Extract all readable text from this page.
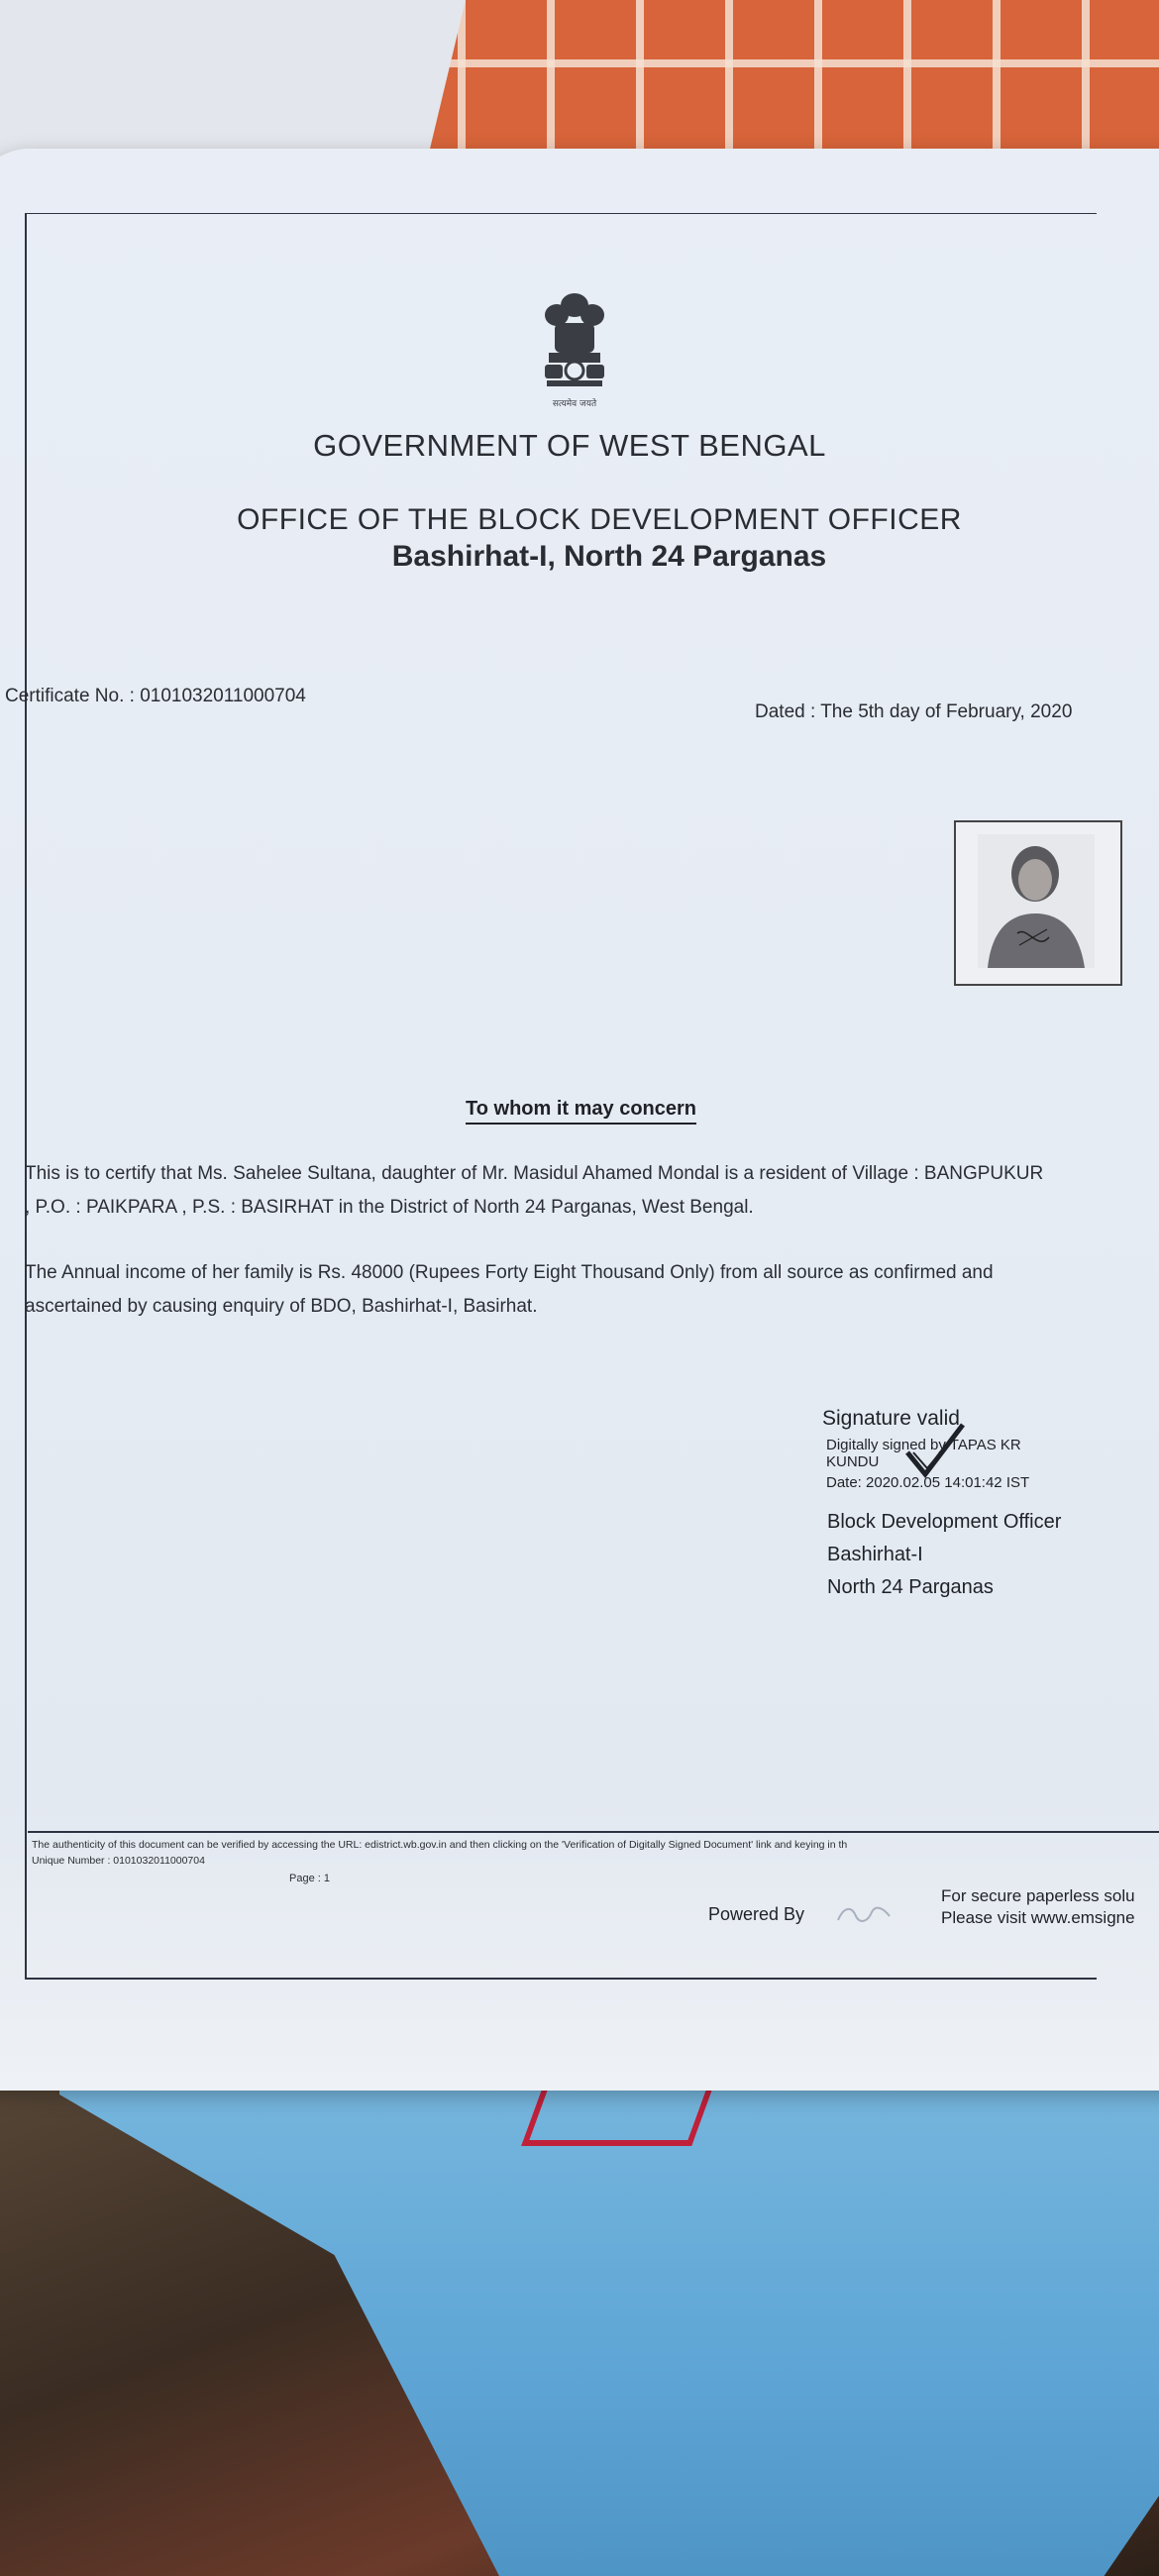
सत्यमेव जयते
GOVERNMENT OF WEST BENGAL
OFFICE OF THE BLOCK DEVELOPMENT OFFICER
Bashirhat-I, North 24 Parganas
Certificate No. : 0101032011000704
Dated : The 5th day of February, 2020
To whom it may concern
This is to certify that Ms. Sahelee Sultana, daughter of Mr. Masidul Ahamed Mondal is a resident of Village : BANGPUKUR
, P.O. : PAIKPARA , P.S. : BASIRHAT in the District of North 24 Parganas, West Bengal.
The Annual income of her family is Rs. 48000 (Rupees Forty Eight Thousand Only) from all source as confirmed and
ascertained by causing enquiry of BDO, Bashirhat-I, Basirhat.
Signature valid
Digitally signed by TAPAS KR
KUNDU
Date: 2020.02.05 14:01:42 IST
Block Development Officer
Bashirhat-I
North 24 Parganas
The authenticity of this document can be verified by accessing the URL: edistrict.wb.gov.in and then clicking on the 'Verification of Digitally Signed Document' link and keying in th
Unique Number : 0101032011000704
Page : 1
Powered By
For secure paperless solu
Please visit www.emsigne
